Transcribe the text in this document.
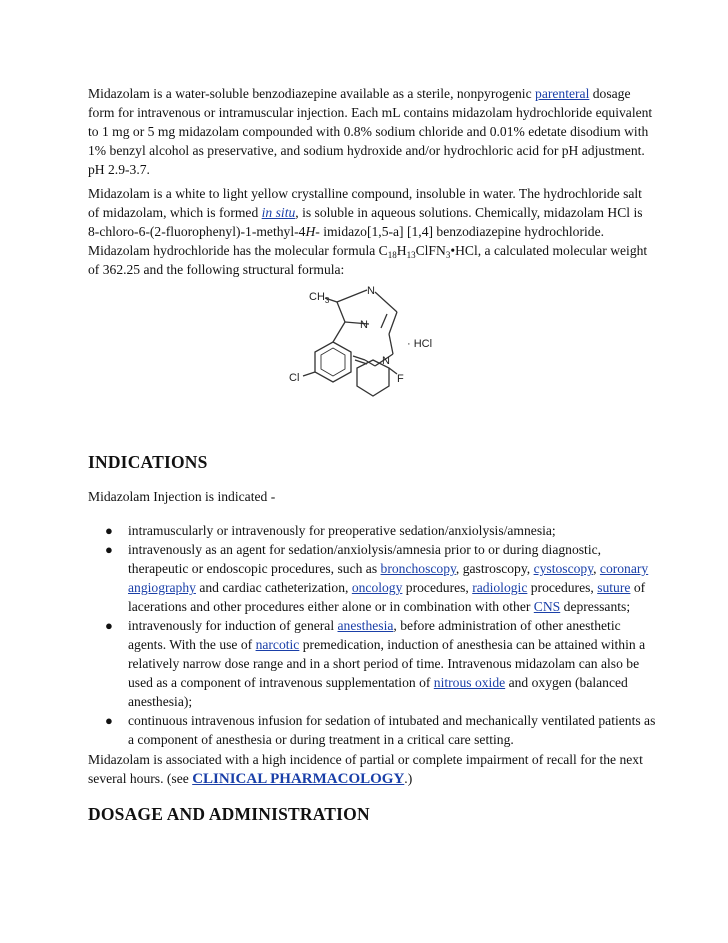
Midazolam is a water-soluble benzodiazepine available as a sterile, nonpyrogenic parenteral dosage form for intravenous or intramuscular injection. Each mL contains midazolam hydrochloride equivalent to 1 mg or 5 mg midazolam compounded with 0.8% sodium chloride and 0.01% edetate disodium with 1% benzyl alcohol as preservative, and sodium hydroxide and/or hydrochloric acid for pH adjustment. pH 2.9-3.7.
Midazolam is a white to light yellow crystalline compound, insoluble in water. The hydrochloride salt of midazolam, which is formed in situ, is soluble in aqueous solutions. Chemically, midazolam HCl is 8-chloro-6-(2-fluorophenyl)-1-methyl-4H- imidazo[1,5-a] [1,4] benzodiazepine hydrochloride. Midazolam hydrochloride has the molecular formula $C_{18}H_{13}ClFN_3•HCl$, a calculated molecular weight of 362.25 and the following structural formula:
$CH_3$
N
N
N
· HCl
Cl	F
INDICATIONS
Midazolam Injection is indicated -
● intramuscularly or intravenously for preoperative sedation/anxiolysis/amnesia;
● intravenously as an agent for sedation/anxiolysis/amnesia prior to or during diagnostic, therapeutic or endoscopic procedures, such as bronchoscopy, gastroscopy, cystoscopy, coronary angiography and cardiac catheterization, oncology procedures, radiologic procedures, suture of lacerations and other procedures either alone or in combination with other CNS depressants;
● intravenously for induction of general anesthesia, before administration of other anesthetic agents. With the use of narcotic premedication, induction of anesthesia can be attained within a relatively narrow dose range and in a short period of time. Intravenous midazolam can also be used as a component of intravenous supplementation of nitrous oxide and oxygen (balanced anesthesia);
● continuous intravenous infusion for sedation of intubated and mechanically ventilated patients as a component of anesthesia or during treatment in a critical care setting.
Midazolam is associated with a high incidence of partial or complete impairment of recall for the next several hours. (see CLINICAL PHARMACOLOGY.)
DOSAGE AND ADMINISTRATION
